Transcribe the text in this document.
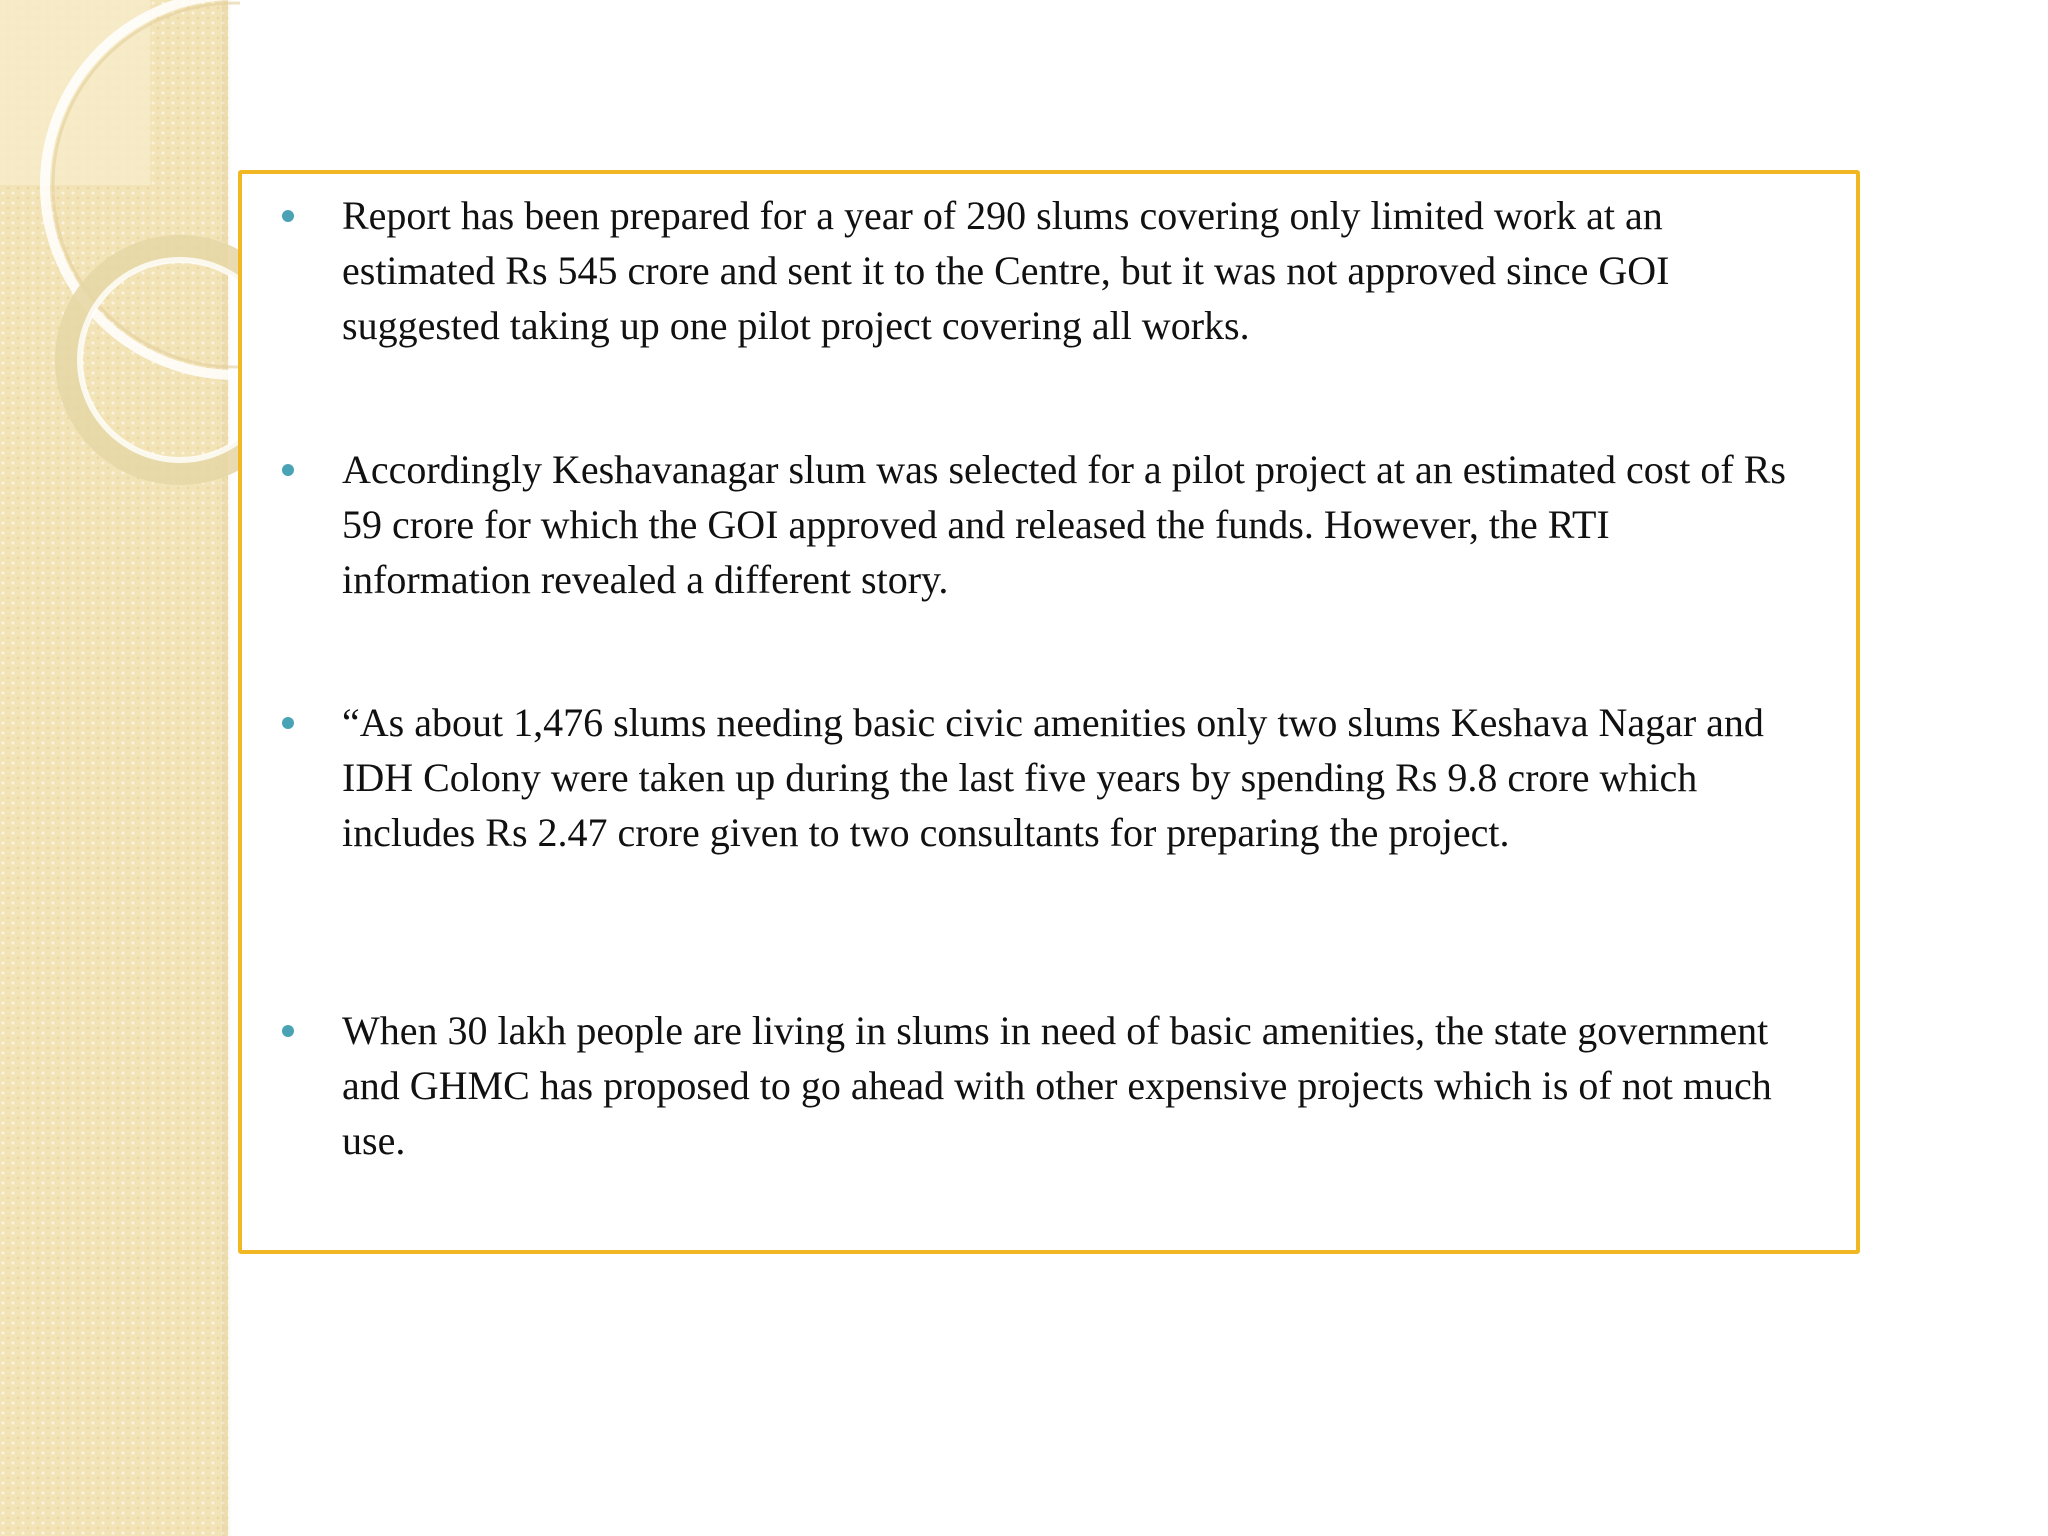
Report has been prepared for a year of 290 slums covering only limited work at an estimated Rs 545 crore and sent it to the Centre, but it was not approved since GOI suggested taking up one pilot project covering all works.
Accordingly Keshavanagar slum was selected for a pilot project at an estimated cost of Rs 59 crore for which the GOI approved and released the funds. However, the RTI information revealed a different story.
“As about 1,476 slums needing basic civic amenities only two slums Keshava Nagar and IDH Colony were taken up during the last five years by spending Rs 9.8 crore which includes Rs 2.47 crore given to two consultants for preparing the project.
When 30 lakh people are living in slums in need of basic amenities, the state government and GHMC has proposed to go ahead with other expensive projects which is of not much use.
